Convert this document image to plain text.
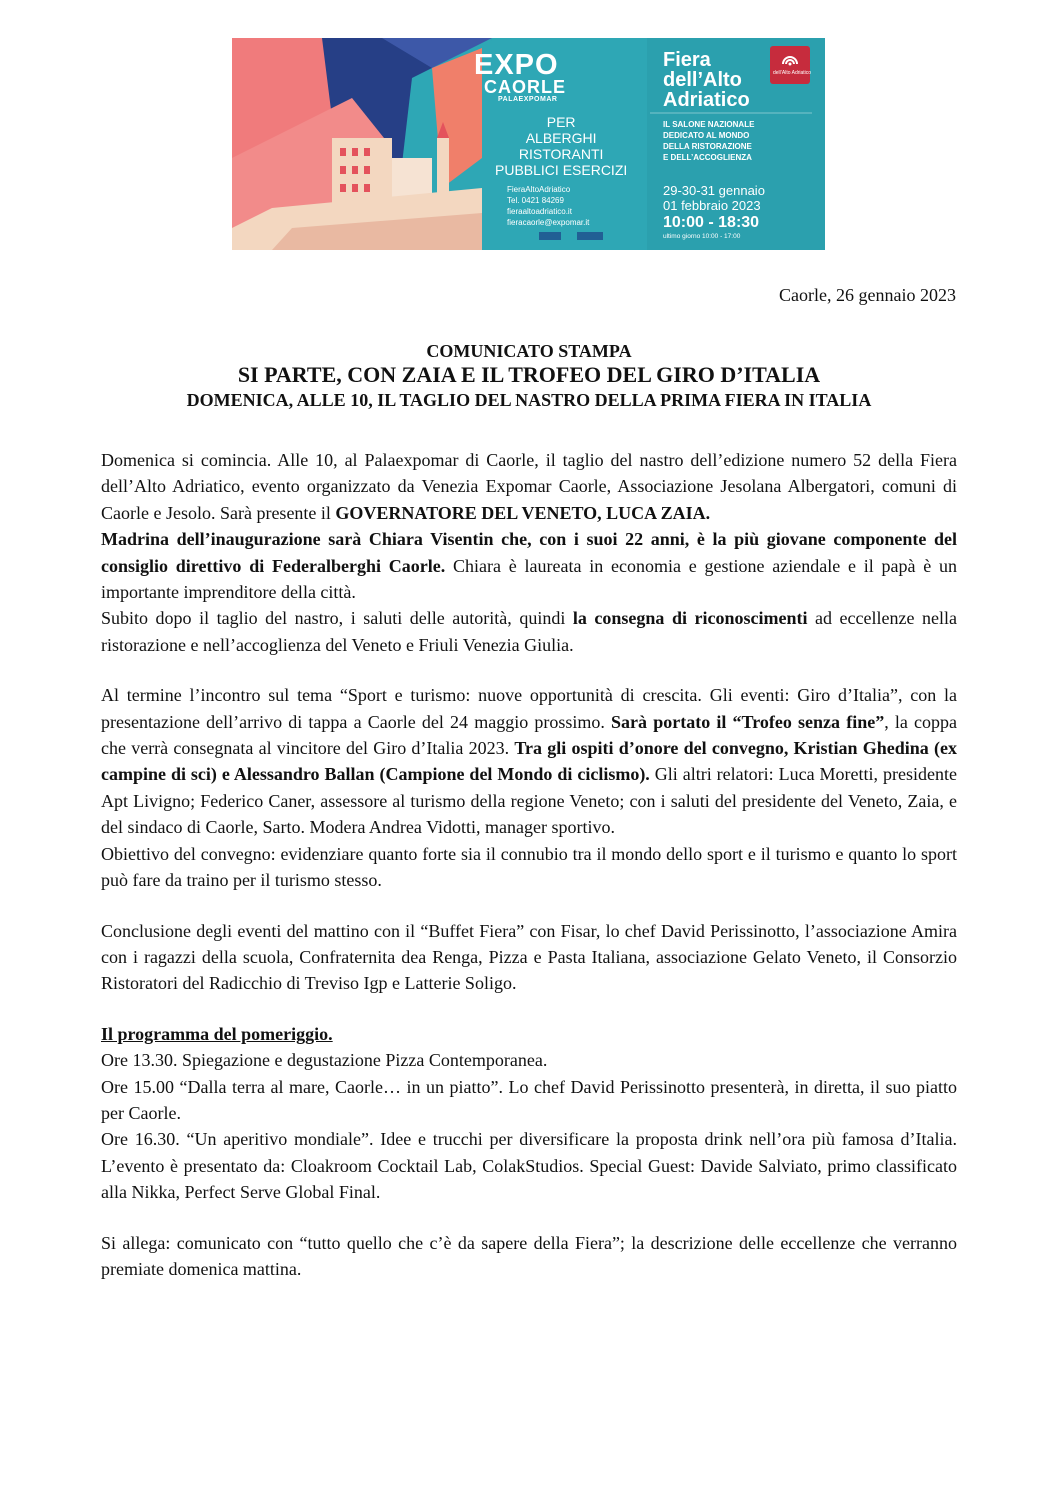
EXPO
CAORLE
PALAEXPOMAR
PER
ALBERGHI
RISTORANTI
PUBBLICI ESERCIZI
FieraAltoAdriatico
Tel. 0421 84269
fieraaltoadriatico.it
fieracaorle@expomar.it
Fiera
dell’Alto
Adriatico
dell’Alto Adriatico
IL SALONE NAZIONALE
DEDICATO AL MONDO
DELLA RISTORAZIONE
E DELL’ACCOGLIENZA
29-30-31 gennaio
01 febbraio 2023
10:00 - 18:30
ultimo giorno 10:00 - 17:00
Caorle, 26 gennaio 2023
COMUNICATO STAMPA
SI PARTE, CON ZAIA E IL TROFEO DEL GIRO D’ITALIA
DOMENICA, ALLE 10, IL TAGLIO DEL NASTRO DELLA PRIMA FIERA IN ITALIA

Domenica si comincia. Alle 10, al Palaexpomar di Caorle, il taglio del nastro dell’edizione numero 52 della Fiera dell’Alto Adriatico, evento organizzato da Venezia Expomar Caorle, Associazione Jesolana Albergatori, comuni di Caorle e Jesolo. Sarà presente il GOVERNATORE DEL VENETO, LUCA ZAIA.

Madrina dell’inaugurazione sarà Chiara Visentin che, con i suoi 22 anni, è la più giovane componente del consiglio direttivo di Federalberghi Caorle. Chiara è laureata in economia e gestione aziendale e il papà è un importante imprenditore della città.

Subito dopo il taglio del nastro, i saluti delle autorità, quindi la consegna di riconoscimenti ad eccellenze nella ristorazione e nell’accoglienza del Veneto e Friuli Venezia Giulia.

Al termine l’incontro sul tema “Sport e turismo: nuove opportunità di crescita. Gli eventi: Giro d’Italia”, con la presentazione dell’arrivo di tappa a Caorle del 24 maggio prossimo. Sarà portato il “Trofeo senza fine”, la coppa che verrà consegnata al vincitore del Giro d’Italia 2023. Tra gli ospiti d’onore del convegno, Kristian Ghedina (ex campine di sci) e Alessandro Ballan (Campione del Mondo di ciclismo). Gli altri relatori: Luca Moretti, presidente Apt Livigno; Federico Caner, assessore al turismo della regione Veneto; con i saluti del presidente del Veneto, Zaia, e del sindaco di Caorle, Sarto. Modera Andrea Vidotti, manager sportivo.

Obiettivo del convegno: evidenziare quanto forte sia il connubio tra il mondo dello sport e il turismo e quanto lo sport può fare da traino per il turismo stesso.

Conclusione degli eventi del mattino con il “Buffet Fiera” con Fisar, lo chef David Perissinotto, l’associazione Amira con i ragazzi della scuola, Confraternita dea Renga, Pizza e Pasta Italiana, associazione Gelato Veneto, il Consorzio Ristoratori del Radicchio di Treviso Igp e Latterie Soligo.

Il programma del pomeriggio.

Ore 13.30. Spiegazione e degustazione Pizza Contemporanea.

Ore 15.00 “Dalla terra al mare, Caorle… in un piatto”. Lo chef David Perissinotto presenterà, in diretta, il suo piatto per Caorle.

Ore 16.30. “Un aperitivo mondiale”. Idee e trucchi per diversificare la proposta drink nell’ora più famosa d’Italia. L’evento è presentato da: Cloakroom Cocktail Lab, ColakStudios. Special Guest: Davide Salviato, primo classificato alla Nikka, Perfect Serve Global Final.

Si allega: comunicato con “tutto quello che c’è da sapere della Fiera”; la descrizione delle eccellenze che verranno premiate domenica mattina.
